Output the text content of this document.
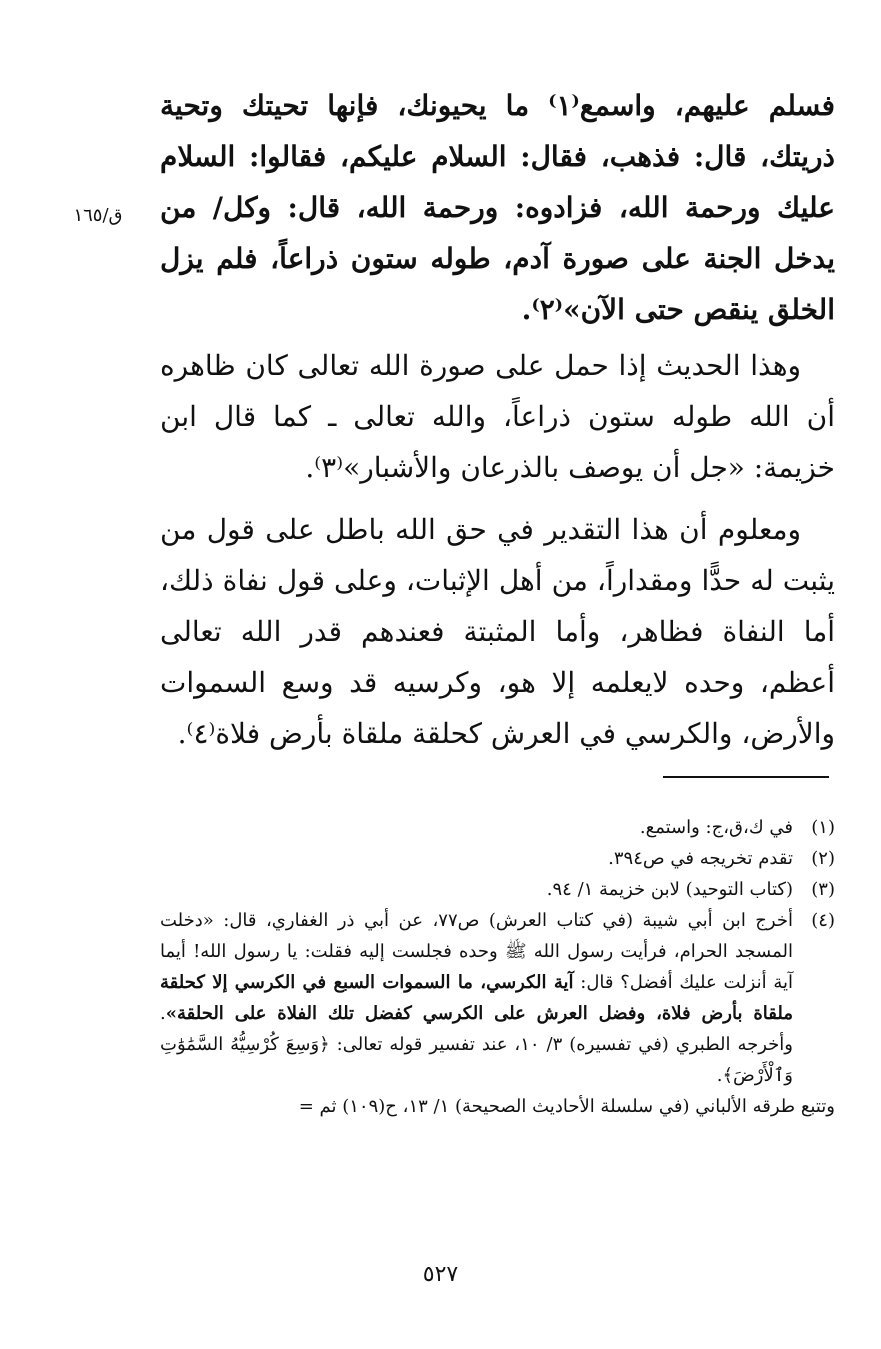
ق/١٦٥

فسلم عليهم، واسمع⁽١⁾ ما يحيونك، فإنها تحيتك وتحية ذريتك، قال: فذهب، فقال: السلام عليكم، فقالوا: السلام عليك ورحمة الله، فزادوه: ورحمة الله، قال: وكل/ من يدخل الجنة على صورة آدم، طوله ستون ذراعاً، فلم يزل الخلق ينقص حتى الآن»⁽٢⁾.

وهذا الحديث إذا حمل على صورة الله تعالى كان ظاهره أن الله طوله ستون ذراعاً، والله تعالى ـ كما قال ابن خزيمة: «جل أن يوصف بالذرعان والأشبار»⁽٣⁾.

ومعلوم أن هذا التقدير في حق الله باطل على قول من يثبت له حدًّا ومقداراً، من أهل الإثبات، وعلى قول نفاة ذلك، أما النفاة فظاهر، وأما المثبتة فعندهم قدر الله تعالى أعظم، وحده لايعلمه إلا هو، وكرسيه قد وسع السموات والأرض، والكرسي في العرش كحلقة ملقاة بأرض فلاة⁽٤⁾.

(١)
في ك،ق،ج: واستمع.
(٢)
تقدم تخريجه في ص٣٩٤.
(٣)
(كتاب التوحيد) لابن خزيمة ١/ ٩٤.
(٤)
أخرج ابن أبي شيبة (في كتاب العرش) ص٧٧، عن أبي ذر الغفاري، قال: «دخلت المسجد الحرام، فرأيت رسول الله ﷺ وحده فجلست إليه فقلت: يا رسول الله! أيما آية أنزلت عليك أفضل؟ قال: آية الكرسي، ما السموات السبع في الكرسي إلا كحلقة ملقاة بأرض فلاة، وفضل العرش على الكرسي كفضل تلك الفلاة على الحلقة». وأخرجه الطبري (في تفسيره) ٣/ ١٠، عند تفسير قوله تعالى: ﴿وَسِعَ كُرْسِيُّهُ السَّمَٰوَٰتِ وَٱلْأَرْضَ﴾.
وتتبع طرقه الألباني (في سلسلة الأحاديث الصحيحة) ١/ ١٣، ح(١٠٩) ثم =
٥٢٧
